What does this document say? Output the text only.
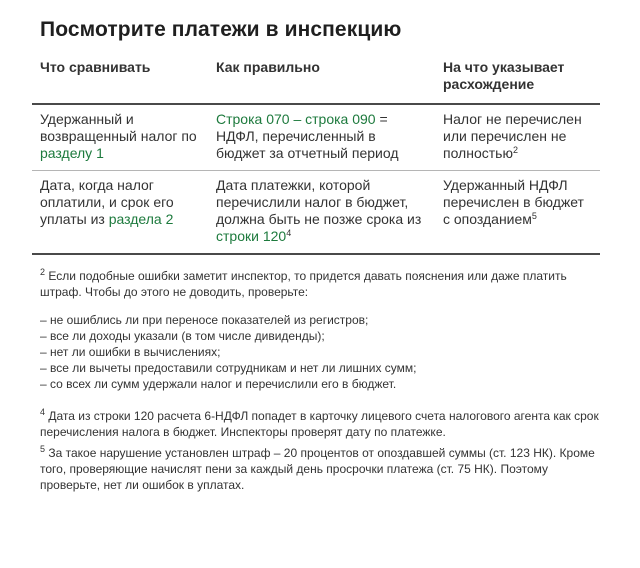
Посмотрите платежи в инспекцию
Что сравнивать	Как правильно	На что указывает расхождение
Удержанный и возвращенный налог по разделу 1	Строка 070 – строка 090 = НДФЛ, перечисленный в бюджет за отчетный период	Налог не перечислен или перечислен не полностью$^2$
Дата, когда налог оплатили, и срок его уплаты из раздела 2	Дата платежки, которой перечислили налог в бюджет, должна быть не позже срока из строки $120^4$	Удержанный НДФЛ перечислен в бюджет с опозданием$^5$

$^2$ Если подобные ошибки заметит инспектор, то придется давать пояснения или даже платить штраф. Чтобы до этого не доводить, проверьте:

– не ошиблись ли при переносе показателей из регистров;
– все ли доходы указали (в том числе дивиденды);
– нет ли ошибки в вычислениях;
– все ли вычеты предоставили сотрудникам и нет ли лишних сумм;
– со всех ли сумм удержали налог и перечислили его в бюджет.

$^4$ Дата из строки 120 расчета 6-НДФЛ попадет в карточку лицевого счета налогового агента как срок перечисления налога в бюджет. Инспекторы проверят дату по платежке.

$^5$ За такое нарушение установлен штраф – 20 процентов от опоздавшей суммы (ст. 123 НК). Кроме того, проверяющие начислят пени за каждый день просрочки платежа (ст. 75 НК). Поэтому проверьте, нет ли ошибок в уплатах.
